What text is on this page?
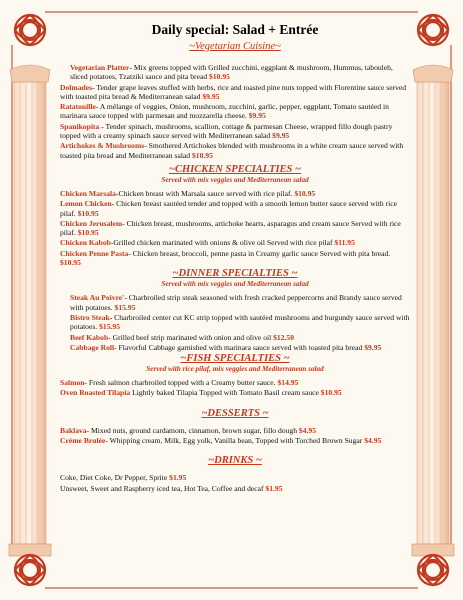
Daily special: Salad + Entrée
~Vegetarian Cuisine~
Vegetarian Platter- Mix greens topped with Grilled zucchini, eggplant & mushroom, Hummus, tabouleh, sliced potatoes, Tzatziki sauce and pita bread $10.95
Dolmades- Tender grape leaves stuffed with herbs, rice and toasted pine nuts topped with Florentine sauce served with toasted pita bread & Mediterranean salad $9.95
Ratatouille- A mélange of veggies, Onion, mushroom, zucchini, garlic, pepper, eggplant, Tomato sautéed in marinara sauce topped with parmesan and mozzarella cheese. $9.95
Spanikopita - Tender spinach, mushrooms, scallion, cottage & parmesan Cheese, wrapped fillo dough pastry topped with a creamy spinach sauce served with Mediterranean salad $9.95
Artichokes & Mushrooms- Smothered Artichokes blended with mushrooms in a white cream sauce served with toasted pita bread and Mediterranean salad $10.95
~CHICKEN SPECIALTIES ~
Served with mix veggies and Mediterranean salad
Chicken Marsala-Chicken breast with Marsala sauce served with rice pilaf. $10.95
Lemon Chicken- Chicken breast sautéed tender and topped with a smooth lemon butter sauce served with rice pilaf. $10.95
Chicken Jerusalem- Chicken breast, mushrooms, artichoke hearts, asparagus and cream sauce Served with rice pilaf. $10.95
Chicken Kabob-Grilled chicken marinated with onions & olive oil Served with rice pilaf $11.95
Chicken Penne Pasta- Chicken breast, broccoli, penne pasta in Creamy garlic sauce Served with pita bread. $10.95
~DINNER SPECIALTIES ~
Served with mix veggies and Mediterranean salad
Steak Au Poivre'- Charbroiled strip steak seasoned with fresh cracked peppercorns and Brandy sauce served with potatoes. $15.95
Bistro Steak- Charbroiled center cut KC strip topped with sautéed mushrooms and burgundy sauce served with potatoes. $15.95
Beef Kabob- Grilled beef strip marinated with onion and olive oil $12.50
Cabbage Roll- Flavorful Cabbage garnished with marinara sauce served with toasted pita bread $9.95
~FISH SPECIALTIES ~
Served with rice pilaf, mix veggies and Mediterranean salad
Salmon- Fresh salmon charbroiled topped with a Creamy butter sauce. $14.95
Oven Roasted Tilapia Lightly baked Tilapia Topped with Tomato Basil cream sauce $10.95
~DESSERTS ~
Baklava- Mixed nuts, ground cardamom, cinnamon, brown sugar, fillo dough $4.95
Crème Brulée- Whipping cream, Milk, Egg yolk, Vanilla bean, Topped with Torched Brown Sugar $4.95
~DRINKS ~
Coke, Diet Coke, Dr Pepper, Sprite $1.95
Unsweet, Sweet and Raspberry iced tea, Hot Tea, Coffee and decaf $1.95
